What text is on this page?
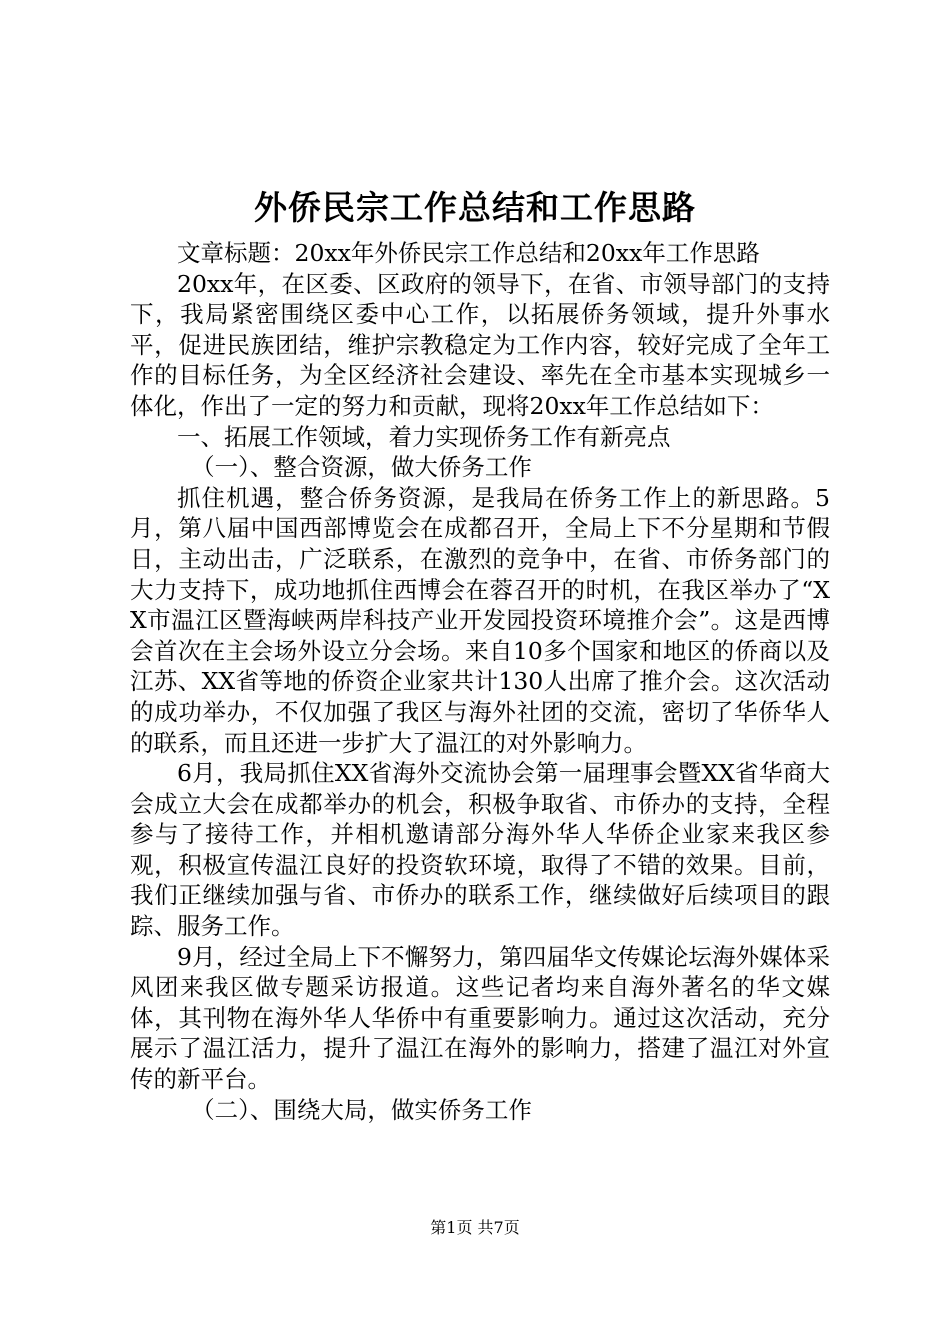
外侨民宗工作总结和工作思路

文章标题：20xx年外侨民宗工作总结和20xx年工作思路

20xx年，在区委、区政府的领导下，在省、市领导部门的支持下，我局紧密围绕区委中心工作，以拓展侨务领域，提升外事水平，促进民族团结，维护宗教稳定为工作内容，较好完成了全年工作的目标任务，为全区经济社会建设、率先在全市基本实现城乡一体化，作出了一定的努力和贡献，现将20xx年工作总结如下：

一、拓展工作领域，着力实现侨务工作有新亮点

（一）、整合资源，做大侨务工作

抓住机遇，整合侨务资源，是我局在侨务工作上的新思路。5月，第八届中国西部博览会在成都召开，全局上下不分星期和节假日，主动出击，广泛联系，在激烈的竞争中，在省、市侨务部门的大力支持下，成功地抓住西博会在蓉召开的时机，在我区举办了“XX市温江区暨海峡两岸科技产业开发园投资环境推介会”。这是西博会首次在主会场外设立分会场。来自10多个国家和地区的侨商以及江苏、XX省等地的侨资企业家共计130人出席了推介会。这次活动的成功举办，不仅加强了我区与海外社团的交流，密切了华侨华人的联系，而且还进一步扩大了温江的对外影响力。

6月，我局抓住XX省海外交流协会第一届理事会暨XX省华商大会成立大会在成都举办的机会，积极争取省、市侨办的支持，全程参与了接待工作，并相机邀请部分海外华人华侨企业家来我区参观，积极宣传温江良好的投资软环境，取得了不错的效果。目前，我们正继续加强与省、市侨办的联系工作，继续做好后续项目的跟踪、服务工作。

9月，经过全局上下不懈努力，第四届华文传媒论坛海外媒体采风团来我区做专题采访报道。这些记者均来自海外著名的华文媒体，其刊物在海外华人华侨中有重要影响力。通过这次活动，充分展示了温江活力，提升了温江在海外的影响力，搭建了温江对外宣传的新平台。

（二）、围绕大局，做实侨务工作

第1页 共7页
